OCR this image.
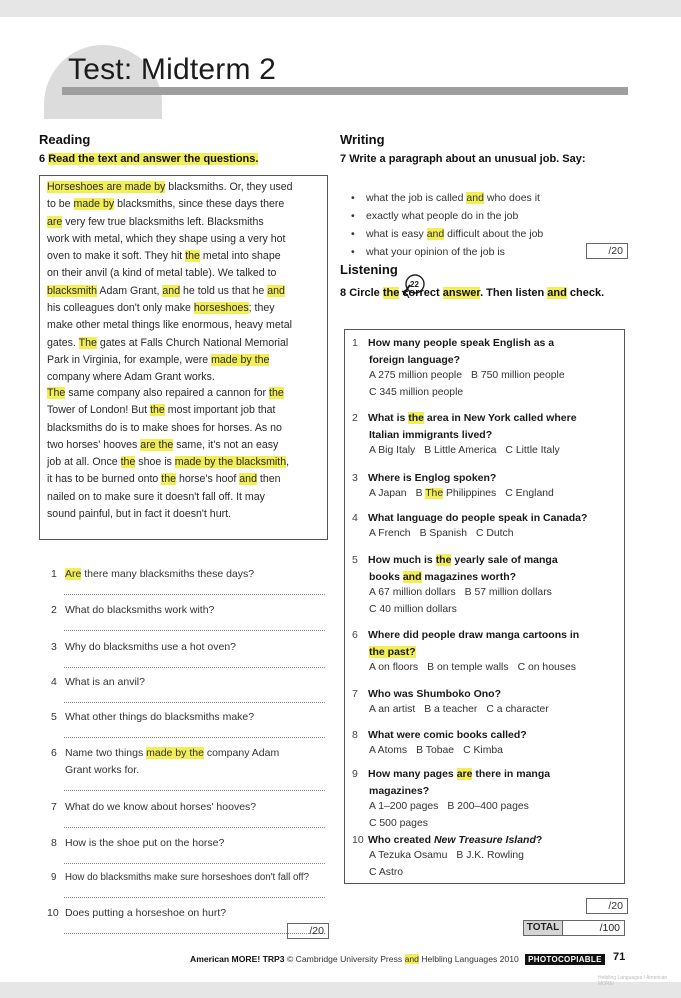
Test: Midterm 2
Reading
6 Read the text and answer the questions.
Horseshoes are made by blacksmiths. Or, they used
to be made by blacksmiths, since these days there
are very few true blacksmiths left. Blacksmiths
work with metal, which they shape using a very hot
oven to make it soft. They hit the metal into shape
on their anvil (a kind of metal table). We talked to
blacksmith Adam Grant, and he told us that he and
his colleagues don't only make horseshoes; they
make other metal things like enormous, heavy metal
gates. The gates at Falls Church National Memorial
Park in Virginia, for example, were made by the
company where Adam Grant works.
The same company also repaired a cannon for the
Tower of London! But the most important job that
blacksmiths do is to make shoes for horses. As no
two horses' hooves are the same, it's not an easy
job at all. Once the shoe is made by the blacksmith,
it has to be burned onto the horse's hoof and then
nailed on to make sure it doesn't fall off. It may
sound painful, but in fact it doesn't hurt.
1 Are there many blacksmiths these days?
2 What do blacksmiths work with?
3 Why do blacksmiths use a hot oven?
4 What is an anvil?
5 What other things do blacksmiths make?
6 Name two things made by the company Adam
Grant works for.
7 What do we know about horses' hooves?
8 How is the shoe put on the horse?
9 How do blacksmiths make sure horseshoes don't fall off?
10 Does putting a horseshoe on hurt?
/20
Writing
7 Write a paragraph about an unusual job. Say:
• what the job is called and who does it
• exactly what people do in the job
• what is easy and difficult about the job
• what your opinion of the job is	/20
Listening
22
8 Circle the correct answer. Then listen and check.
1 How many people speak English as a
foreign language?
A 275 million people B 750 million people
C 345 million people
2 What is the area in New York called where
Italian immigrants lived?
A Big Italy B Little America C Little Italy
3 Where is Englog spoken?
A Japan B The Philippines C England
4 What language do people speak in Canada?
A French B Spanish C Dutch
5 How much is the yearly sale of manga
books and magazines worth?
A 67 million dollars B 57 million dollars
C 40 million dollars
6 Where did people draw manga cartoons in
the past?
A on floors B on temple walls C on houses
7 Who was Shumboko Ono?
A an artist B a teacher C a character
8 What were comic books called?
A Atoms B Tobae C Kimba
9 How many pages are there in manga
magazines?
A 1–200 pages B 200–400 pages
C 500 pages
10 Who created New Treasure Island?
A Tezuka Osamu B J.K. Rowling
C Astro
/20
TOTAL	/100
American MORE! TRP3 © Cambridge University Press and Helbling Languages 2010 PHOTOCOPIABLE 71
Helbling Languages / American MORE!
